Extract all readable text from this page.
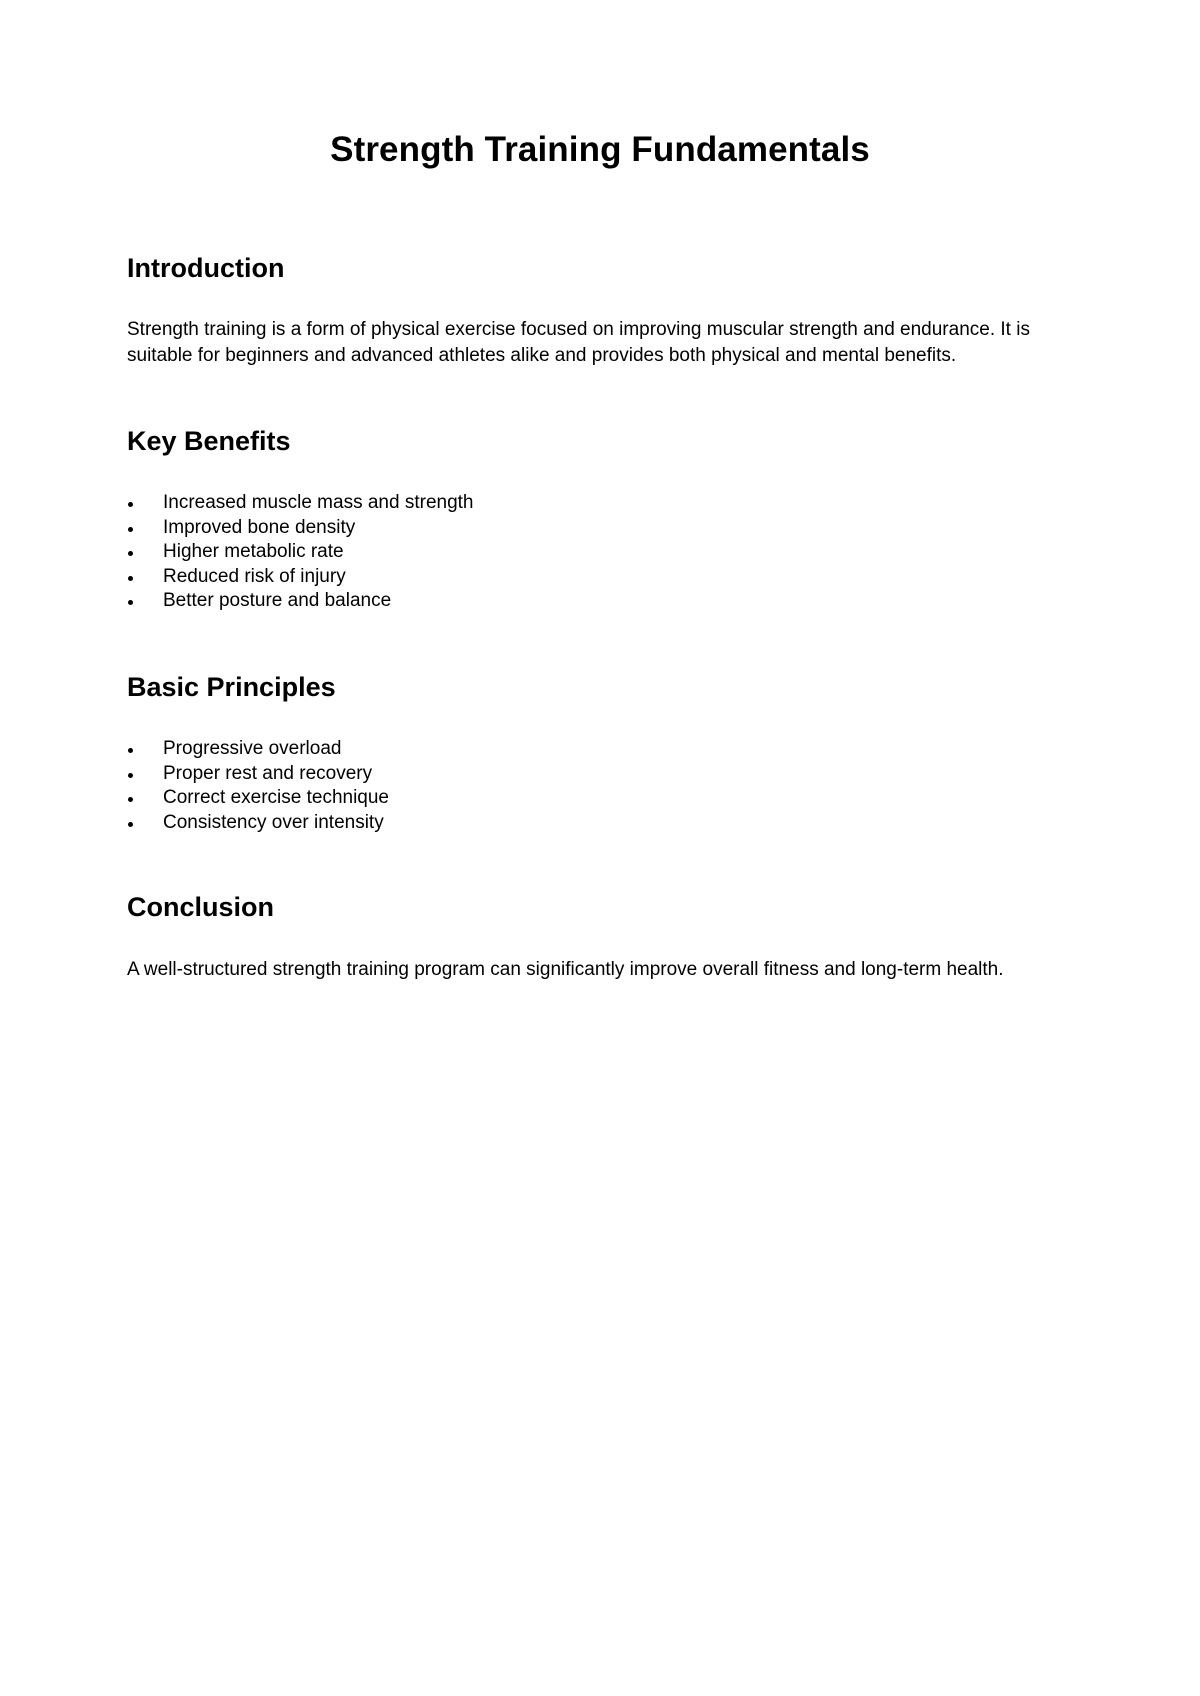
Strength Training Fundamentals
Introduction

Strength training is a form of physical exercise focused on improving muscular strength and endurance. It is suitable for beginners and advanced athletes alike and provides both physical and mental benefits.

Key Benefits
Increased muscle mass and strength
Improved bone density
Higher metabolic rate
Reduced risk of injury
Better posture and balance
Basic Principles
Progressive overload
Proper rest and recovery
Correct exercise technique
Consistency over intensity
Conclusion

A well-structured strength training program can significantly improve overall fitness and long-term health.
